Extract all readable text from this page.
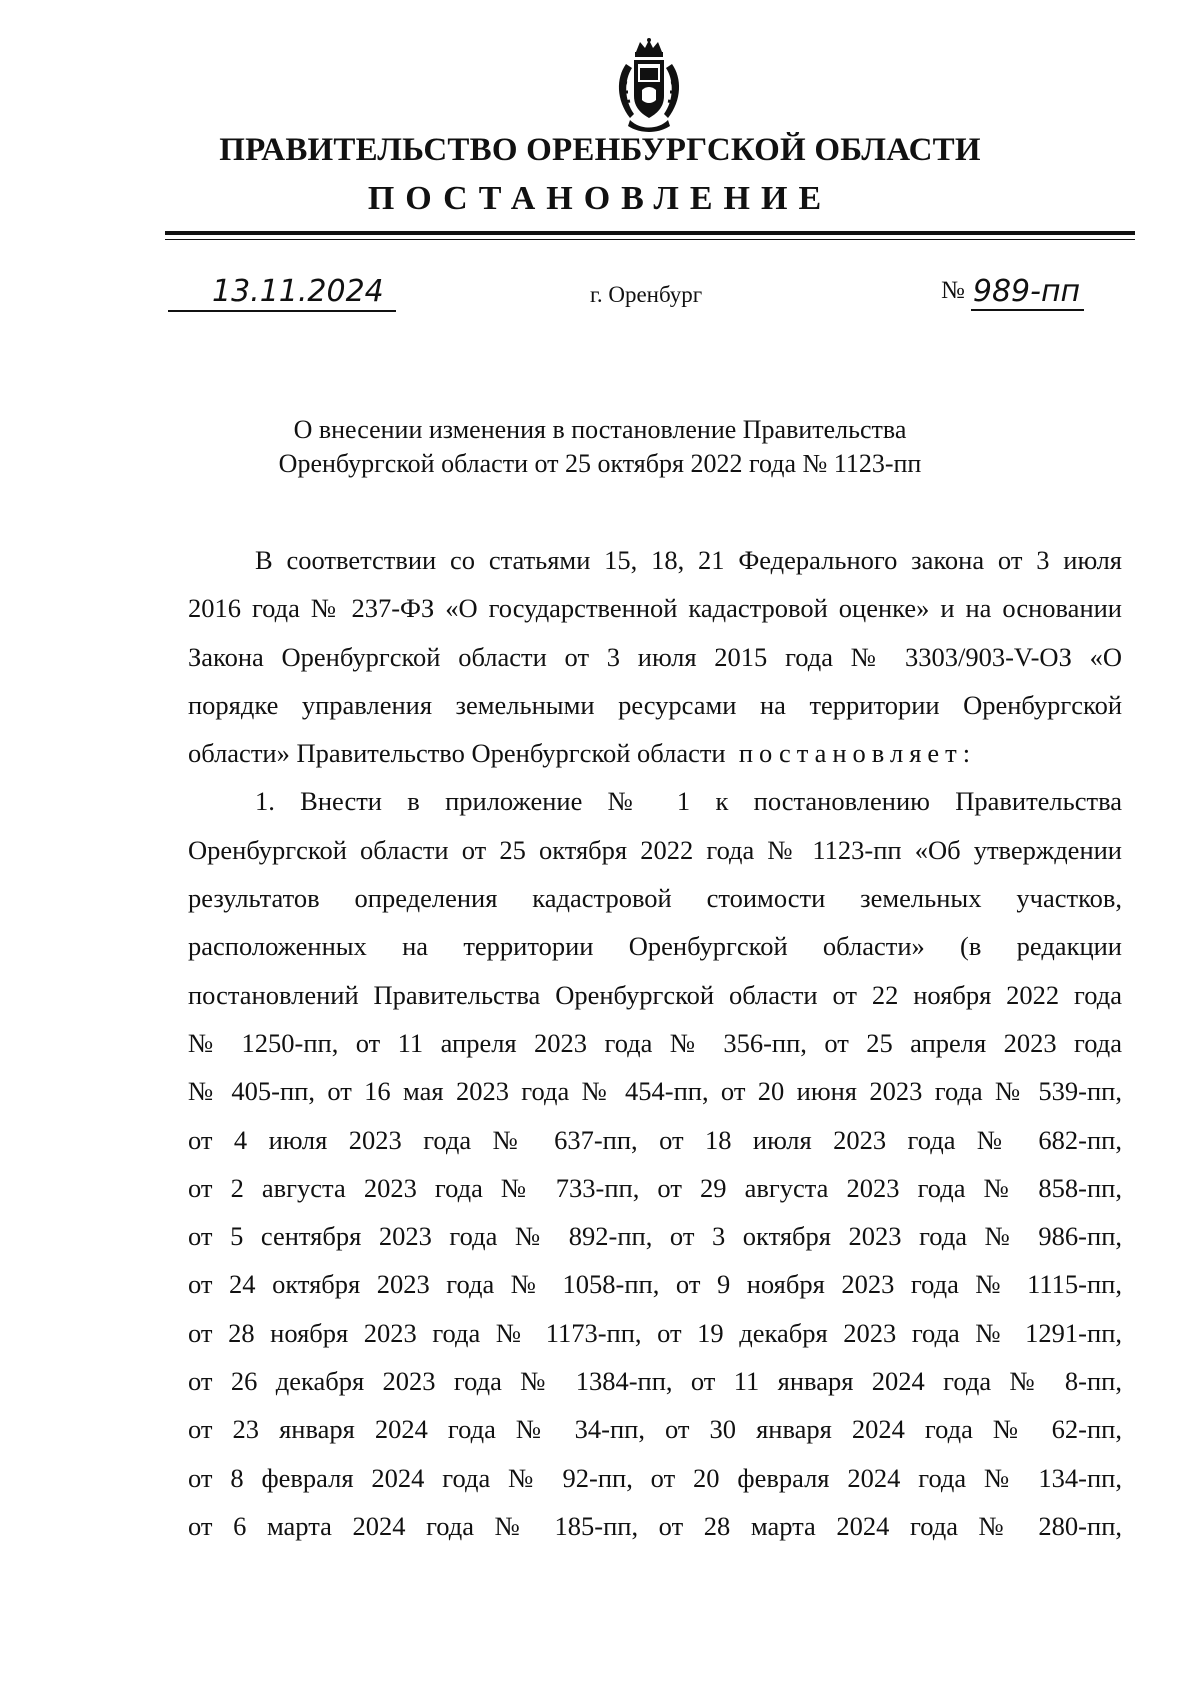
ПРАВИТЕЛЬСТВО ОРЕНБУРГСКОЙ ОБЛАСТИ
ПОСТАНОВЛЕНИЕ
13.11.2024	г. Оренбург	№ 989-пп
О внесении изменения в постановление Правительства
Оренбургской области от 25 октября 2022 года № 1123-пп
В соответствии со статьями 15, 18, 21 Федерального закона от 3 июля
2016 года № 237-ФЗ «О государственной кадастровой оценке» и на основании
Закона Оренбургской области от 3 июля 2015 года № 3303/903-V-ОЗ «О
порядке управления земельными ресурсами на территории Оренбургской
области» Правительство Оренбургской области постановляет:
1. Внести в приложение № 1 к постановлению Правительства
Оренбургской области от 25 октября 2022 года № 1123-пп «Об утверждении
результатов определения кадастровой стоимости земельных участков,
расположенных на территории Оренбургской области» (в редакции
постановлений Правительства Оренбургской области от 22 ноября 2022 года
№ 1250-пп, от 11 апреля 2023 года № 356-пп, от 25 апреля 2023 года
№ 405-пп, от 16 мая 2023 года № 454-пп, от 20 июня 2023 года № 539-пп,
от 4 июля 2023 года № 637-пп, от 18 июля 2023 года № 682-пп,
от 2 августа 2023 года № 733-пп, от 29 августа 2023 года № 858-пп,
от 5 сентября 2023 года № 892-пп, от 3 октября 2023 года № 986-пп,
от 24 октября 2023 года № 1058-пп, от 9 ноября 2023 года № 1115-пп,
от 28 ноября 2023 года № 1173-пп, от 19 декабря 2023 года № 1291-пп,
от 26 декабря 2023 года № 1384-пп, от 11 января 2024 года № 8-пп,
от 23 января 2024 года № 34-пп, от 30 января 2024 года № 62-пп,
от 8 февраля 2024 года № 92-пп, от 20 февраля 2024 года № 134-пп,
от 6 марта 2024 года № 185-пп, от 28 марта 2024 года № 280-пп,
